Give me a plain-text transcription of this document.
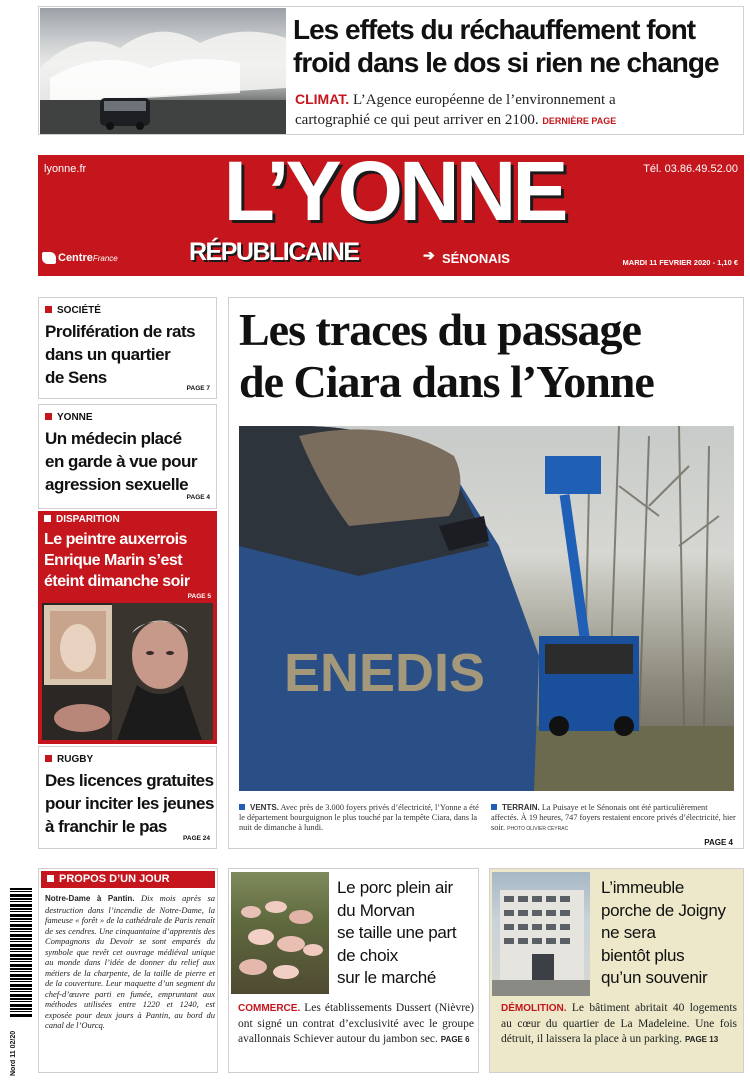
Les effets du réchauffement font
froid dans le dos si rien ne change
CLIMAT. L’Agence européenne de l’environnement a
cartographié ce qui peut arriver en 2100. DERNIÈRE PAGE
lyonne.fr	Tél. 03.86.49.52.00
L’YONNE
RÉPUBLICAINE	➔ SÉNONAIS
CentreFrance	MARDI 11 FEVRIER 2020 - 1,10 €
SOCIÉTÉ
Prolifération de rats
dans un quartier
de Sens
PAGE 7
YONNE
Un médecin placé
en garde à vue pour
agression sexuelle
PAGE 4
DISPARITION
Le peintre auxerrois
Enrique Marin s’est
éteint dimanche soir
PAGE 5
RUGBY
Des licences gratuites
pour inciter les jeunes
à franchir le pas
PAGE 24
Les traces du passage
de Ciara dans l’Yonne
ENEDIS
VENTS. Avec près de 3.000 foyers privés d’électricité, l’Yonne a été le département bourguignon le plus touché par la tempête Ciara, dans la nuit de dimanche à lundi.
TERRAIN. La Puisaye et le Sénonais ont été particulièrement affectés. À 19 heures, 747 foyers restaient encore privés d’électricité, hier soir. PHOTO OLIVIER CEYRAC
PAGE 4
Nord 11 02/20
PROPOS D’UN JOUR
Notre-Dame à Pantin. Dix mois après sa destruction dans l’incendie de Notre-Dame, la fameuse « forêt » de la cathédrale de Paris renaît de ses cendres. Une cinquantaine d’apprentis des Compagnons du Devoir se sont emparés du symbole que revêt cet ouvrage médiéval unique au monde dans l’idée de donner du relief aux métiers de la charpente, de la taille de pierre et de la couverture. Leur maquette d’un segment du chef-d’œuvre parti en fumée, empruntant aux méthodes utilisées entre 1220 et 1240, est exposée pour deux jours à Pantin, au bord du canal de l’Ourcq.
Le porc plein air
du Morvan
se taille une part
de choix
sur le marché
COMMERCE. Les établissements Dussert (Nièvre) ont signé un contrat d’exclusivité avec le groupe avallonnais Schiever autour du jambon sec. PAGE 6
L’immeuble
porche de Joigny
ne sera
bientôt plus
qu’un souvenir
DÉMOLITION. Le bâtiment abritait 40 logements au cœur du quartier de La Madeleine. Une fois détruit, il laissera la place à un parking. PAGE 13
